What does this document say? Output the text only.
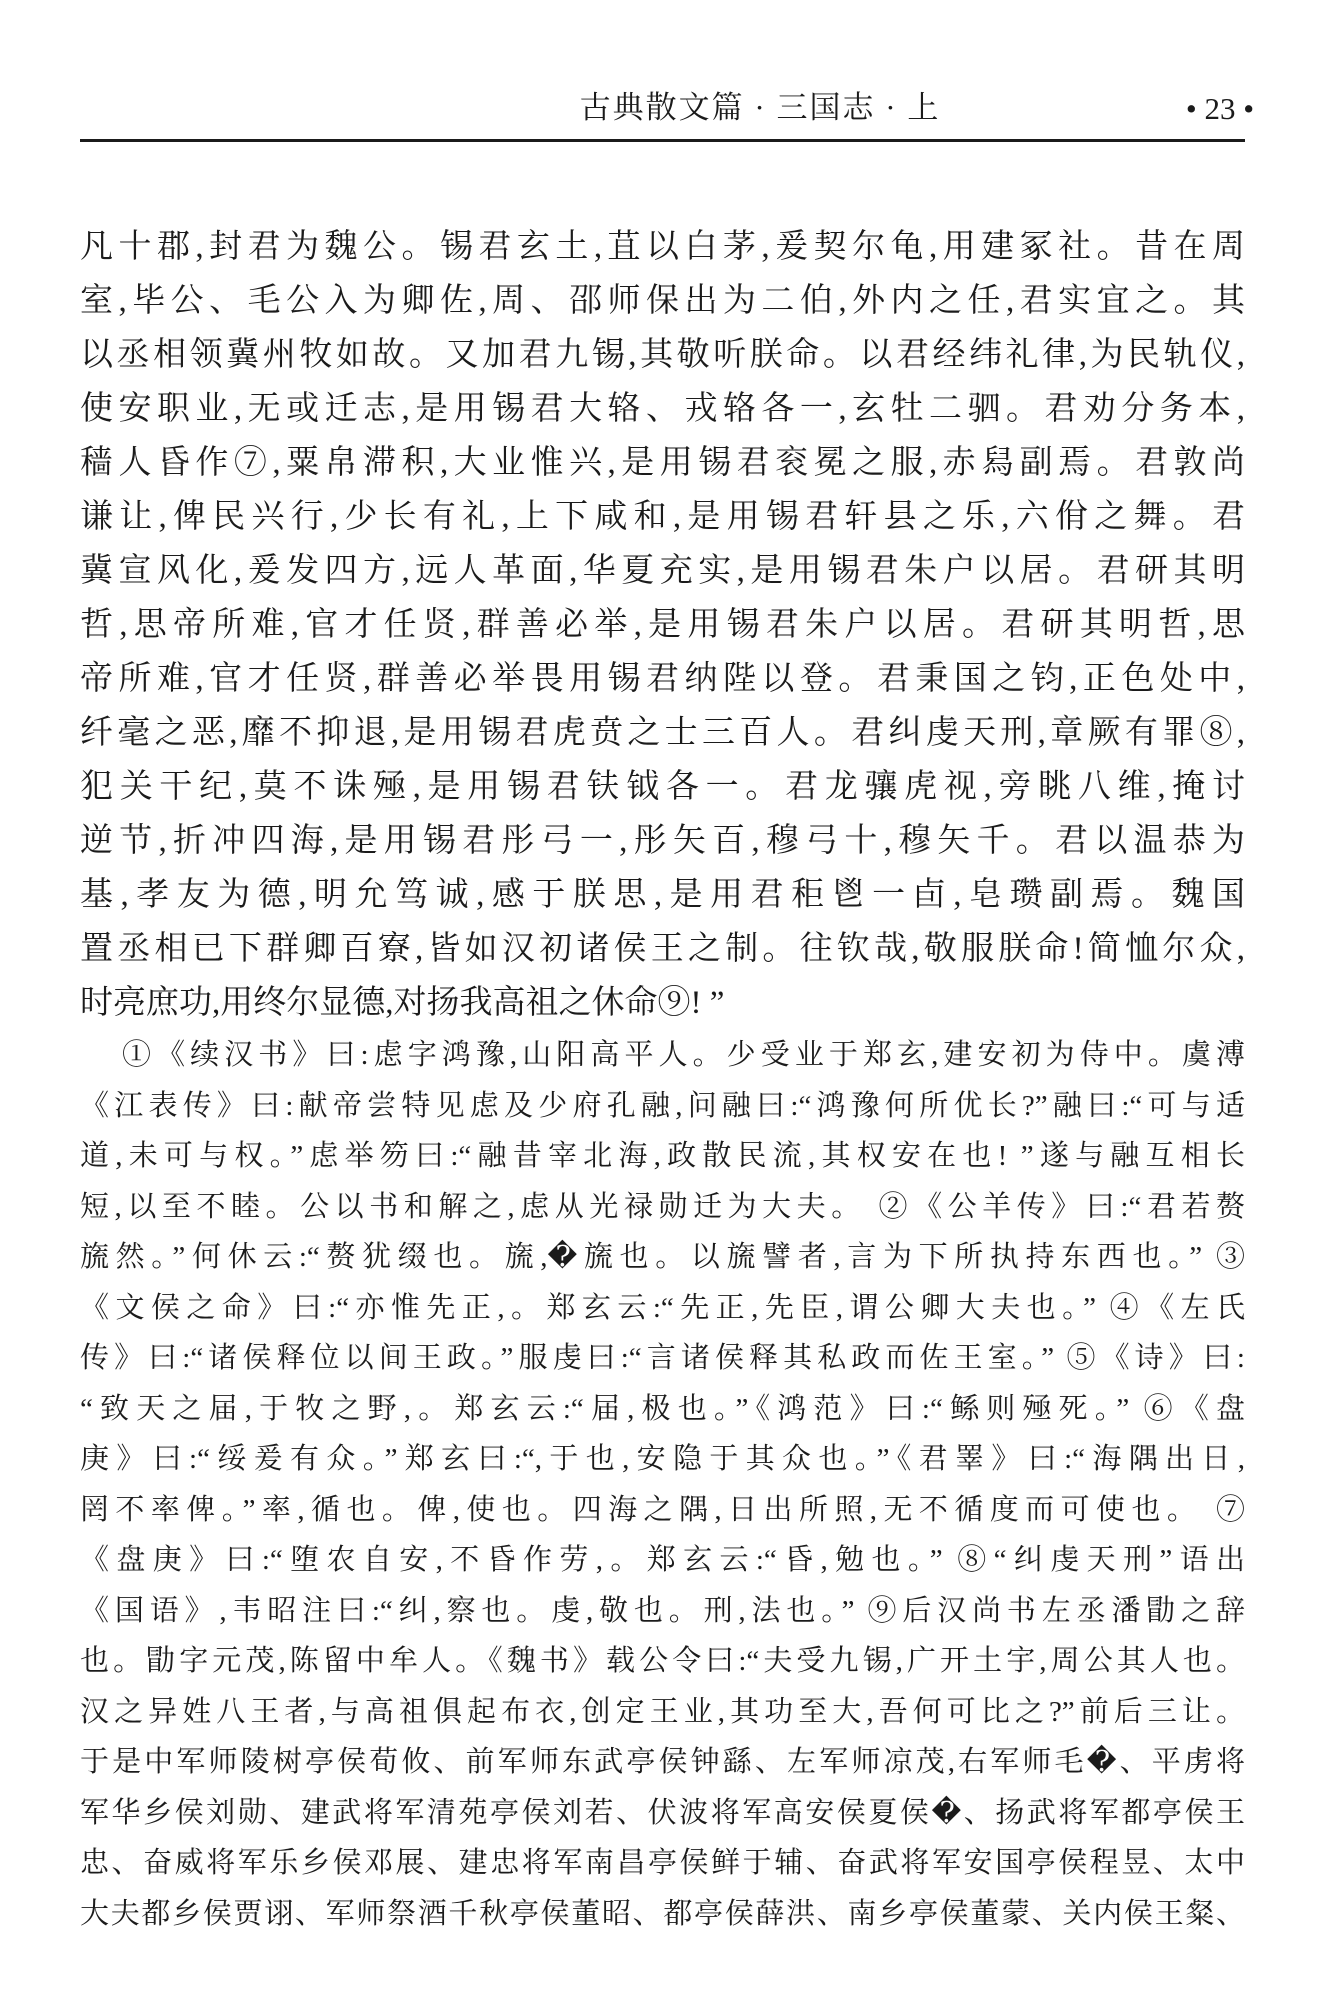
古典散文篇 · 三国志 · 上	• 23 •
凡十郡,封君为魏公。锡君玄土,苴以白茅,爰契尔龟,用建冢社。昔在周
室,毕公、毛公入为卿佐,周、邵师保出为二伯,外内之任,君实宜之。其
以丞相领冀州牧如故。又加君九锡,其敬听朕命。以君经纬礼律,为民轨仪,
使安职业,无或迁志,是用锡君大辂、戎辂各一,玄牡二驷。君劝分务本,
穑人昏作⑦,粟帛滞积,大业惟兴,是用锡君衮冕之服,赤舄副焉。君敦尚
谦让,俾民兴行,少长有礼,上下咸和,是用锡君轩县之乐,六佾之舞。君
冀宣风化,爰发四方,远人革面,华夏充实,是用锡君朱户以居。君研其明
哲,思帝所难,官才任贤,群善必举,是用锡君朱户以居。君研其明哲,思
帝所难,官才任贤,群善必举畏用锡君纳陛以登。君秉国之钧,正色处中,
纤毫之恶,靡不抑退,是用锡君虎贲之士三百人。君纠虔天刑,章厥有罪⑧,
犯关干纪,莫不诛殛,是用锡君𫓧钺各一。君龙骧虎视,旁眺八维,掩讨
逆节,折冲四海,是用锡君彤弓一,彤矢百,穆弓十,穆矢千。君以温恭为
基,孝友为德,明允笃诚,感于朕思,是用君秬鬯一卣,皂瓒副焉。魏国
置丞相已下群卿百寮,皆如汉初诸侯王之制。往钦哉,敬服朕命!简恤尔众,
时亮庶功,用终尔显德,对扬我高祖之休命⑨! ”
①《续汉书》曰:虑字鸿豫,山阳高平人。少受业于郑玄,建安初为侍中。虞溥
《江表传》曰:献帝尝特见虑及少府孔融,问融曰:“鸿豫何所优长?”融曰:“可与适
道,未可与权。”虑举笏曰:“融昔宰北海,政散民流,其权安在也! ”遂与融互相长
短,以至不睦。公以书和解之,虑从光禄勋迁为大夫。 ②《公羊传》曰:“君若赘
旒然。”何休云:“赘犹缀也。旒,�旒也。以旒譬者,言为下所执持东西也。” ③
《文侯之命》曰:“亦惟先正,。郑玄云:“先正,先臣,谓公卿大夫也。” ④《左氏
传》曰:“诸侯释位以间王政。”服虔曰:“言诸侯释其私政而佐王室。” ⑤《诗》曰:
“致天之届,于牧之野,。郑玄云:“届,极也。”《鸿范》曰:“鲧则殛死。” ⑥《盘
庚》曰:“绥爰有众。”郑玄曰:“,于也,安隐于其众也。”《君睪》曰:“海隅出日,
罔不率俾。”率,循也。俾,使也。四海之隅,日出所照,无不循度而可使也。 ⑦
《盘庚》曰:“堕农自安,不昏作劳,。郑玄云:“昏,勉也。” ⑧“纠虔天刑”语出
《国语》,韦昭注曰:“纠,察也。虔,敬也。刑,法也。” ⑨后汉尚书左丞潘勖之辞
也。勖字元茂,陈留中牟人。《魏书》载公令曰:“夫受九锡,广开土宇,周公其人也。
汉之异姓八王者,与高祖俱起布衣,创定王业,其功至大,吾何可比之?”前后三让。
于是中军师陵树亭侯荀攸、前军师东武亭侯钟繇、左军师凉茂,右军师毛�、平虏将
军华乡侯刘勋、建武将军清苑亭侯刘若、伏波将军高安侯夏侯�、扬武将军都亭侯王
忠、奋威将军乐乡侯邓展、建忠将军南昌亭侯鲜于辅、奋武将军安国亭侯程昱、太中
大夫都乡侯贾诩、军师祭酒千秋亭侯董昭、都亭侯薛洪、南乡亭侯董蒙、关内侯王粲、
